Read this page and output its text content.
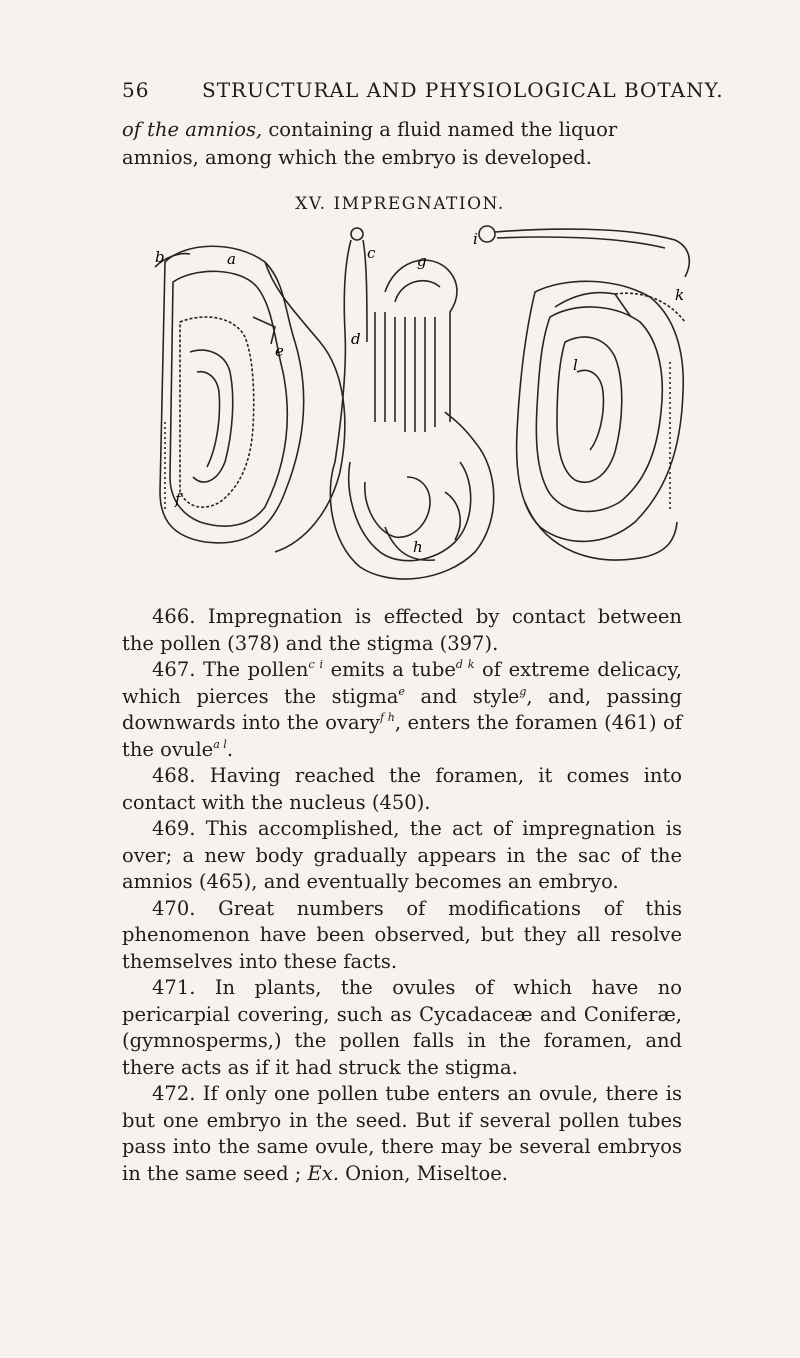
56	STRUCTURAL AND PHYSIOLOGICAL BOTANY.
of the amnios, containing a fluid named the liquor amnios, among which the embryo is developed.
XV. IMPREGNATION.
b	a
e
f
c
d
g
h
i
k
l

466. Impregnation is effected by contact between the pollen (378) and the stigma (397).

467. The pollen$^{c i}$ emits a tube$^{d k}$ of extreme delicacy, which pierces the stigma$^e$ and style$^g$, and, passing downwards into the ovary$^{f h}$, enters the foramen (461) of the ovule$^{a l}$.

468. Having reached the foramen, it comes into contact with the nucleus (450).

469. This accomplished, the act of impregnation is over; a new body gradually appears in the sac of the amnios (465), and eventually becomes an embryo.

470. Great numbers of modifications of this phenomenon have been observed, but they all resolve themselves into these facts.

471. In plants, the ovules of which have no pericarpial covering, such as Cycadaceæ and Coniferæ, (gymnosperms,) the pollen falls in the foramen, and there acts as if it had struck the stigma.

472. If only one pollen tube enters an ovule, there is but one embryo in the seed. But if several pollen tubes pass into the same ovule, there may be several embryos in the same seed ; Ex. Onion, Miseltoe.
